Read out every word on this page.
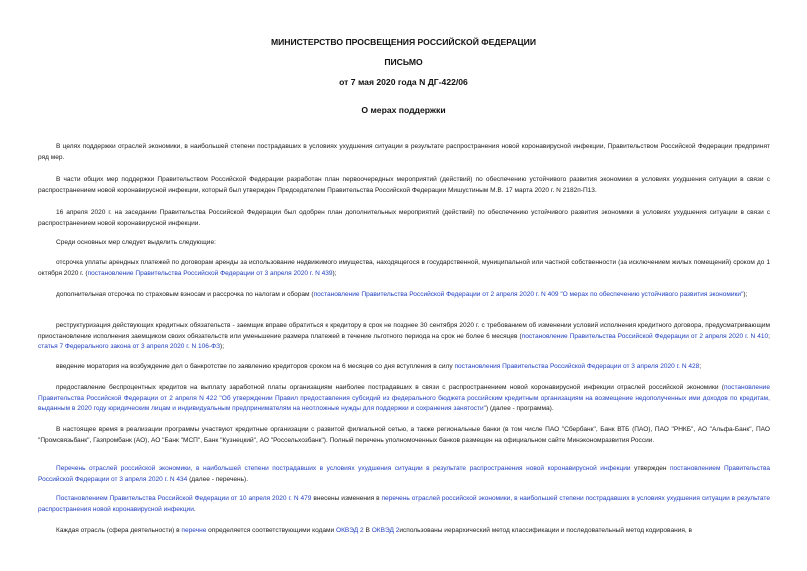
МИНИСТЕРСТВО ПРОСВЕЩЕНИЯ РОССИЙСКОЙ ФЕДЕРАЦИИ
ПИСЬМО
от 7 мая 2020 года N ДГ-422/06
О мерах поддержки

В целях поддержки отраслей экономики, в наибольшей степени пострадавших в условиях ухудшения ситуации в результате распространения новой коронавирусной инфекции, Правительством Российской Федерации предпринят ряд мер.

В части общих мер поддержки Правительством Российской Федерации разработан план первоочередных мероприятий (действий) по обеспечению устойчивого развития экономики в условиях ухудшения ситуации в связи с распространением новой коронавирусной инфекции, который был утвержден Председателем Правительства Российской Федерации Мишустиным М.В. 17 марта 2020 г. N 2182п-П13.

16 апреля 2020 г. на заседании Правительства Российской Федерации был одобрен план дополнительных мероприятий (действий) по обеспечению устойчивого развития экономики в условиях ухудшения ситуации в связи с распространением новой коронавирусной инфекции.

Среди основных мер следует выделить следующие:

отсрочка уплаты арендных платежей по договорам аренды за использование недвижимого имущества, находящегося в государственной, муниципальной или частной собственности (за исключением жилых помещений) сроком до 1 октября 2020 г. (постановление Правительства Российской Федерации от 3 апреля 2020 г. N 439);

дополнительная отсрочка по страховым взносам и рассрочка по налогам и сборам (постановление Правительства Российской Федерации от 2 апреля 2020 г. N 409 "О мерах по обеспечению устойчивого развития экономики");

реструктуризация действующих кредитных обязательств - заемщик вправе обратиться к кредитору в срок не позднее 30 сентября 2020 г. с требованием об изменении условий исполнения кредитного договора, предусматривающим приостановление исполнения заемщиком своих обязательств или уменьшение размера платежей в течение льготного периода на срок не более 6 месяцев (постановление Правительства Российской Федерации от 2 апреля 2020 г. N 410; статья 7 Федерального закона от 3 апреля 2020 г. N 106-ФЗ);

введение моратория на возбуждение дел о банкротстве по заявлению кредиторов сроком на 6 месяцев со дня вступления в силу постановления Правительства Российской Федерации от 3 апреля 2020 г. N 428;

предоставление беспроцентных кредитов на выплату заработной платы организациям наиболее пострадавших в связи с распространением новой коронавирусной инфекции отраслей российской экономики (постановление Правительства Российской Федерации от 2 апреля N 422 "Об утверждении Правил предоставления субсидий из федерального бюджета российским кредитным организациям на возмещение недополученных ими доходов по кредитам, выданным в 2020 году юридическим лицам и индивидуальным предпринимателям на неотложные нужды для поддержки и сохранения занятости") (далее - программа).

В настоящее время в реализации программы участвуют кредитные организации с развитой филиальной сетью, а также региональные банки (в том числе ПАО "Сбербанк", Банк ВТБ (ПАО), ПАО "РНКБ", АО "Альфа-Банк", ПАО "Промсвязьбанк", Газпромбанк (АО), АО "Банк "МСП", Банк "Кузнецкий", АО "Россельхозбанк"). Полный перечень уполномоченных банков размещен на официальном сайте Минэкономразвития России.

Перечень отраслей российской экономики, в наибольшей степени пострадавших в условиях ухудшения ситуации в результате распространения новой коронавирусной инфекции утвержден постановлением Правительства Российской Федерации от 3 апреля 2020 г. N 434 (далее - перечень).

Постановлением Правительства Российской Федерации от 10 апреля 2020 г. N 479 внесены изменения в перечень отраслей российской экономики, в наибольшей степени пострадавших в условиях ухудшения ситуации в результате распространения новой коронавирусной инфекции.

Каждая отрасль (сфера деятельности) в перечне определяется соответствующими кодами ОКВЭД 2 В ОКВЭД 2использованы иерархический метод классификации и последовательный метод кодирования, в
